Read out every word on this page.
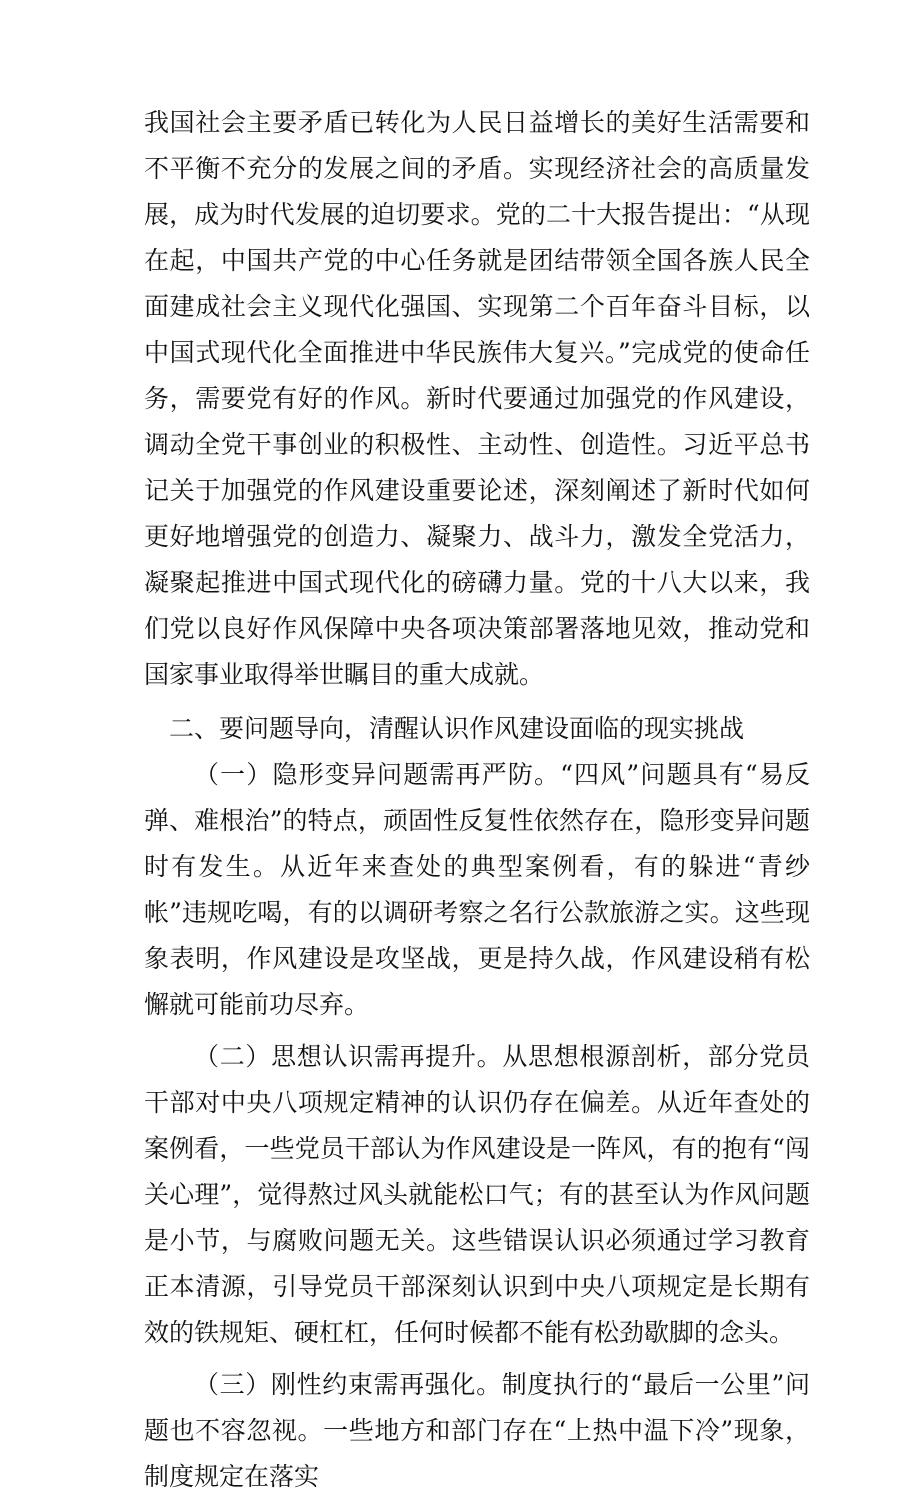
我国社会主要矛盾已转化为人民日益增长的美好生活需要和不平衡不充分的发展之间的矛盾。实现经济社会的高质量发展，成为时代发展的迫切要求。党的二十大报告提出：“从现在起，中国共产党的中心任务就是团结带领全国各族人民全面建成社会主义现代化强国、实现第二个百年奋斗目标，以中国式现代化全面推进中华民族伟大复兴。”完成党的使命任务，需要党有好的作风。新时代要通过加强党的作风建设，调动全党干事创业的积极性、主动性、创造性。习近平总书记关于加强党的作风建设重要论述，深刻阐述了新时代如何更好地增强党的创造力、凝聚力、战斗力，激发全党活力，凝聚起推进中国式现代化的磅礴力量。党的十八大以来，我们党以良好作风保障中央各项决策部署落地见效，推动党和国家事业取得举世瞩目的重大成就。

二、要问题导向，清醒认识作风建设面临的现实挑战

（一）隐形变异问题需再严防。“四风”问题具有“易反弹、难根治”的特点，顽固性反复性依然存在，隐形变异问题时有发生。从近年来查处的典型案例看，有的躲进“青纱帐”违规吃喝，有的以调研考察之名行公款旅游之实。这些现象表明，作风建设是攻坚战，更是持久战，作风建设稍有松懈就可能前功尽弃。

（二）思想认识需再提升。从思想根源剖析，部分党员干部对中央八项规定精神的认识仍存在偏差。从近年查处的案例看，一些党员干部认为作风建设是一阵风，有的抱有“闯关心理”，觉得熬过风头就能松口气；有的甚至认为作风问题是小节，与腐败问题无关。这些错误认识必须通过学习教育正本清源，引导党员干部深刻认识到中央八项规定是长期有效的铁规矩、硬杠杠，任何时候都不能有松劲歇脚的念头。

（三）刚性约束需再强化。制度执行的“最后一公里”问题也不容忽视。一些地方和部门存在“上热中温下冷”现象，制度规定在落实
